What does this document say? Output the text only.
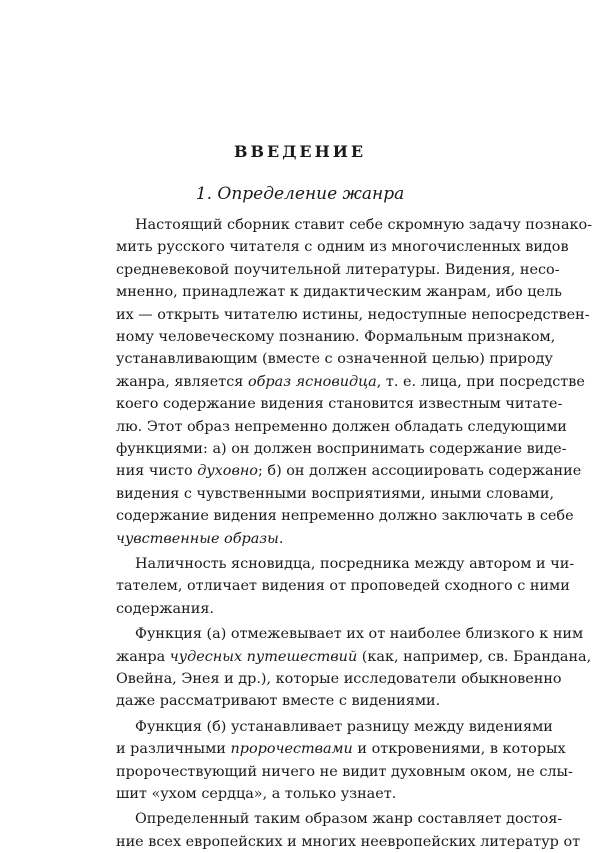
ВВЕДЕНИЕ
1. Определение жанра
Настоящий сборник ставит себе скромную задачу познако-
мить русского читателя с одним из многочисленных видов
средневековой поучительной литературы. Видения, несо-
мненно, принадлежат к дидактическим жанрам, ибо цель
их — открыть читателю истины, недоступные непосредствен-
ному человеческому познанию. Формальным признаком,
устанавливающим (вместе с означенной целью) природу
жанра, является образ ясновидца, т. е. лица, при посредстве
коего содержание видения становится известным читате-
лю. Этот образ непременно должен обладать следующими
функциями: а) он должен воспринимать содержание виде-
ния чисто духовно; б) он должен ассоциировать содержание
видения с чувственными восприятиями, иными словами,
содержание видения непременно должно заключать в себе
чувственные образы.
Наличность ясновидца, посредника между автором и чи-
тателем, отличает видения от проповедей сходного с ними
содержания.
Функция (а) отмежевывает их от наиболее близкого к ним
жанра чудесных путешествий (как, например, св. Брандана,
Овейна, Энея и др.), которые исследователи обыкновенно
даже рассматривают вместе с видениями.
Функция (б) устанавливает разницу между видениями
и различными пророчествами и откровениями, в которых
пророчествующий ничего не видит духовным оком, не слы-
шит «ухом сердца», а только узнает.
Определенный таким образом жанр составляет достоя-
ние всех европейских и многих неевропейских литератур от
